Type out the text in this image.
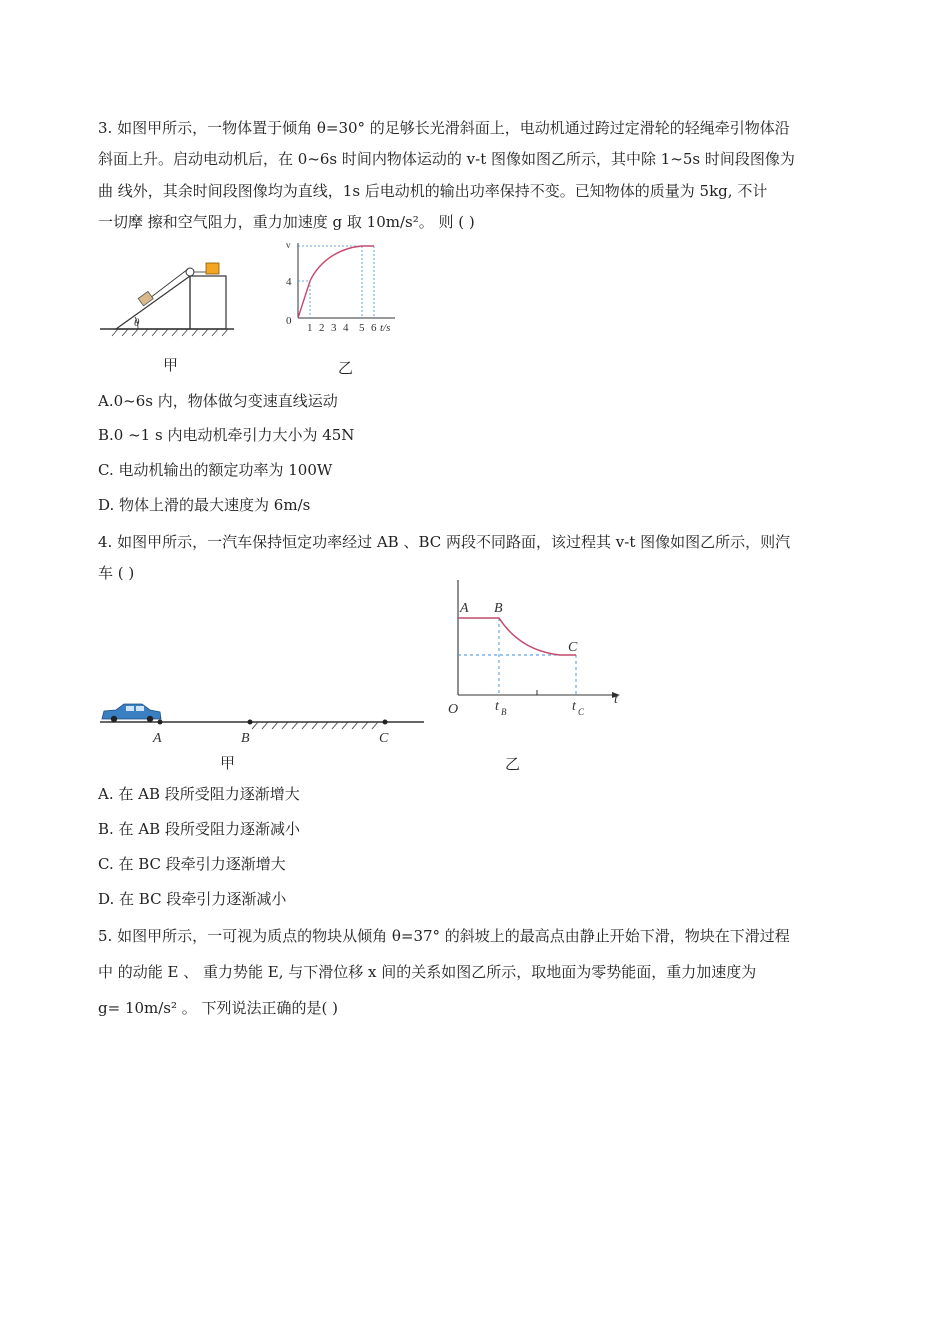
3. 如图甲所示，一物体置于倾角 θ=30° 的足够长光滑斜面上，电动机通过跨过定滑轮的轻绳牵引物体沿
斜面上升。启动电动机后，在 0~6s 时间内物体运动的 v-t 图像如图乙所示，其中除 1~5s 时间段图像为
曲 线外，其余时间段图像均为直线，1s 后电动机的输出功率保持不变。已知物体的质量为 5kg, 不计
一切摩 擦和空气阻力，重力加速度 g 取 10m/s²。 则 ( )
θ
甲
v
4
0
1 2 3 4 5 6 t/s
乙
A.0~6s 内，物体做匀变速直线运动
B.0 ~1 s 内电动机牵引力大小为 45N
C. 电动机输出的额定功率为 100W
D. 物体上滑的最大速度为 6m/s
4. 如图甲所示，一汽车保持恒定功率经过 AB 、BC 两段不同路面，该过程其 v-t 图像如图乙所示，则汽
车 ( )
A	B	C
甲
A B
C
O
t
t B	t C
乙
A. 在 AB 段所受阻力逐渐增大
B. 在 AB 段所受阻力逐渐减小
C. 在 BC 段牵引力逐渐增大
D. 在 BC 段牵引力逐渐减小
5. 如图甲所示，一可视为质点的物块从倾角 θ=37° 的斜坡上的最高点由静止开始下滑，物块在下滑过程
中 的动能 E 、 重力势能 E, 与下滑位移 x 间的关系如图乙所示，取地面为零势能面，重力加速度为
g= 10m/s² 。 下列说法正确的是( )
